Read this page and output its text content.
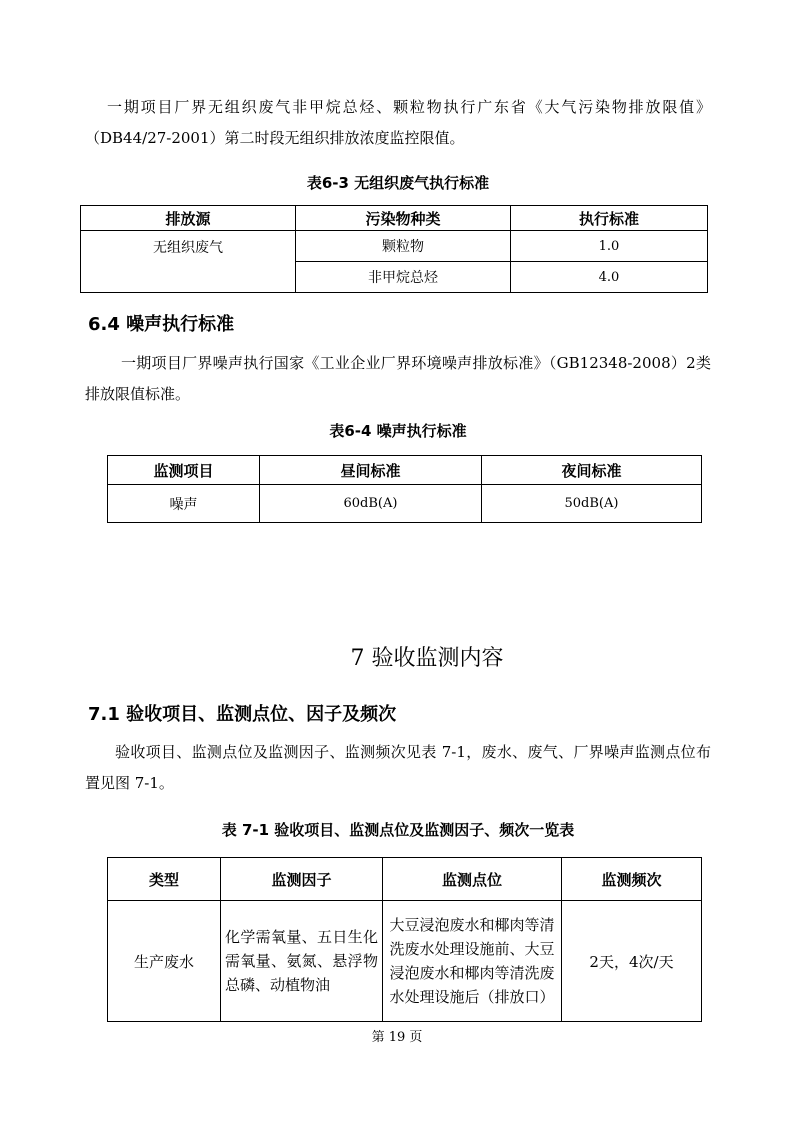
一期项目厂界无组织废气非甲烷总烃、颗粒物执行广东省《大气污染物排放限值》（DB44/27-2001）第二时段无组织排放浓度监控限值。
表6-3 无组织废气执行标准
排放源	污染物种类	执行标准
无组织废气	颗粒物	1.0
	非甲烷总烃	4.0
6.4 噪声执行标准
一期项目厂界噪声执行国家《工业企业厂界环境噪声排放标准》（GB12348-2008）2类排放限值标准。
表6-4 噪声执行标准
监测项目	昼间标准	夜间标准
噪声	60dB(A)	50dB(A)
7 验收监测内容
7.1 验收项目、监测点位、因子及频次
验收项目、监测点位及监测因子、监测频次见表 7-1，废水、废气、厂界噪声监测点位布置见图 7-1。
表 7-1 验收项目、监测点位及监测因子、频次一览表
类型	监测因子	监测点位	监测频次
生产废水	化学需氧量、五日生化需氧量、氨氮、悬浮物总磷、动植物油	大豆浸泡废水和椰肉等清洗废水处理设施前、大豆浸泡废水和椰肉等清洗废水处理设施后（排放口）	2天，4次/天
第 19 页
